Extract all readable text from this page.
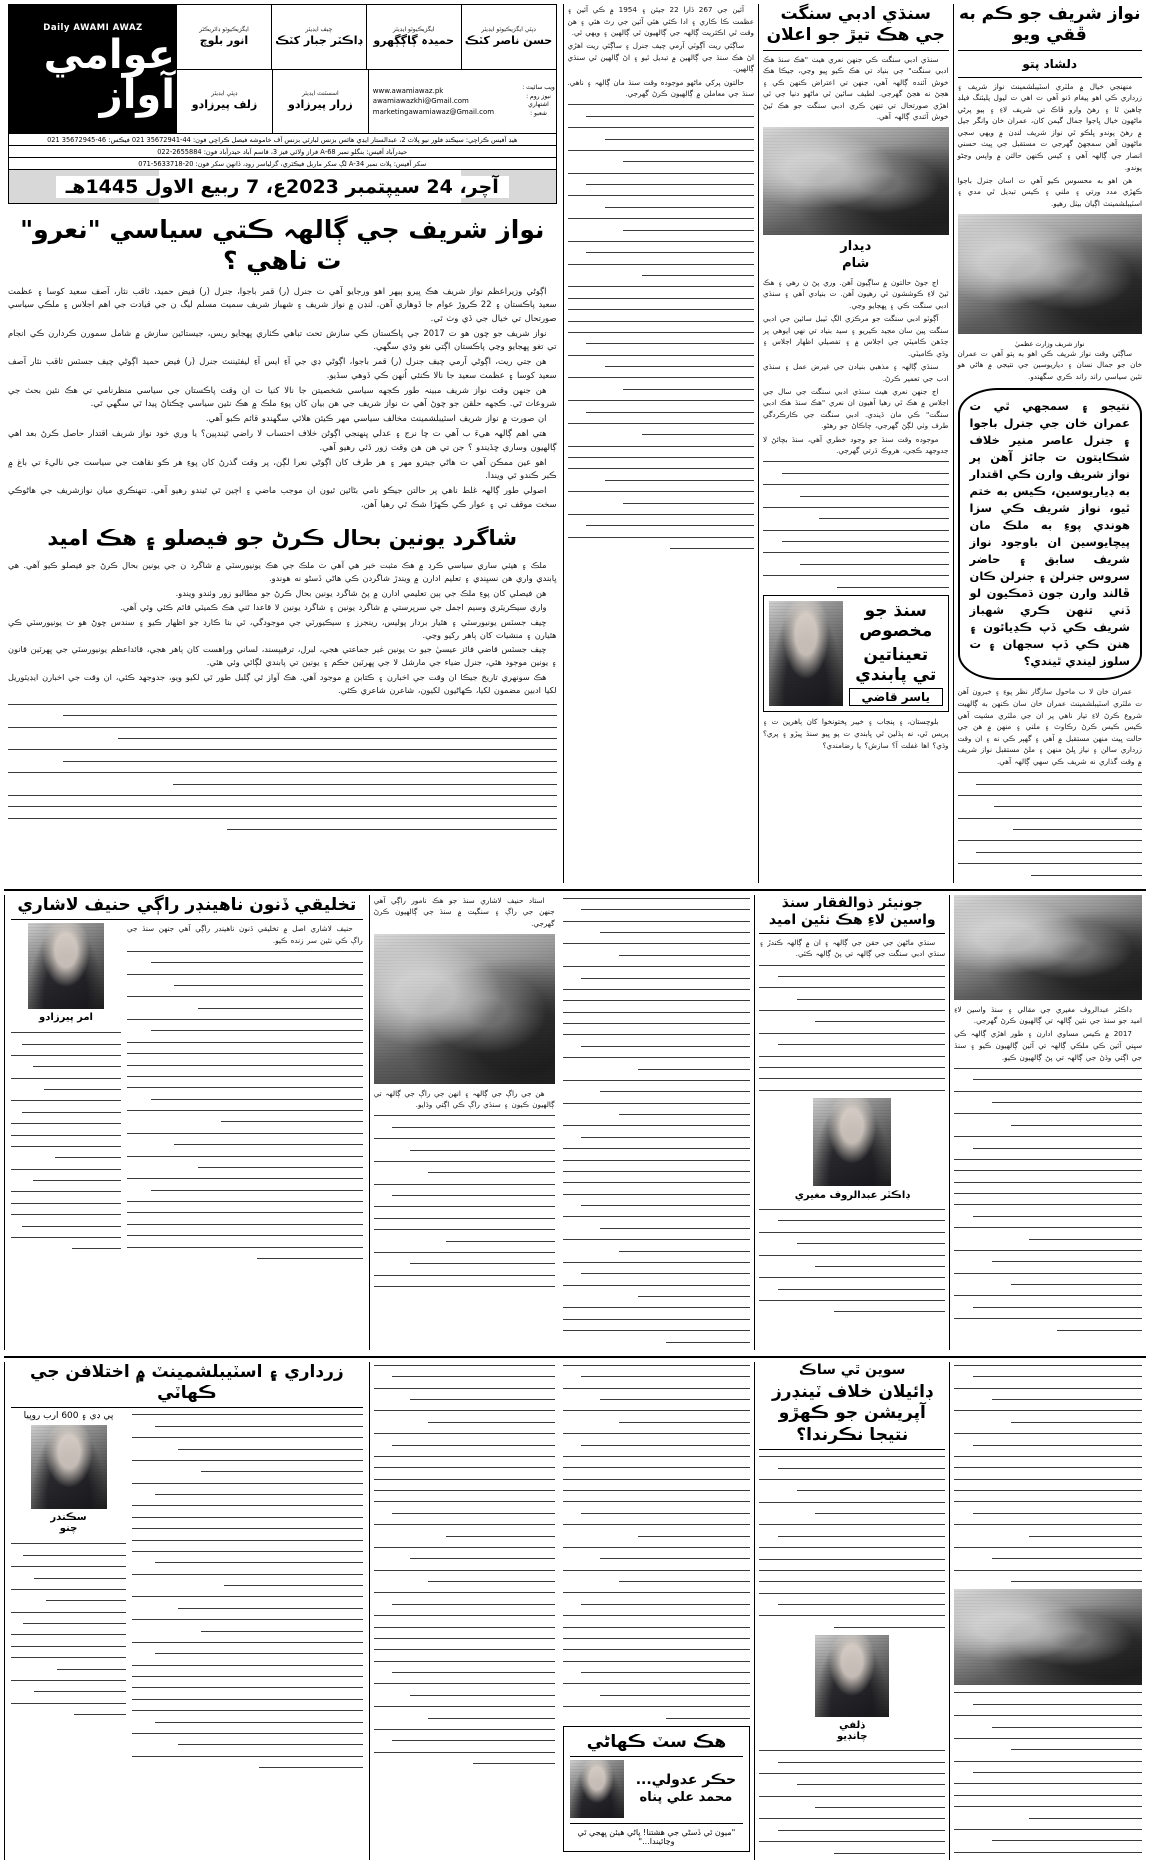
نواز شريف جو ڪم به ڦقي ويو
دلشاد پتو

منهنجي خيال ۾ ملٽري اسٽيبلشمينٽ نواز شريف ۽ زرداري ڪي اهو پيغام ڏنو آهي ت اهي ت ليول پليئنگ فيلڊ چاهين ٿا ۽ رهڻ وارو ڦاڪ تي شريف لاءِ ۽ ٻيو پرڻي ماڻهون خيال ڀاجوا جمال گيمن کان، عمران خان وانگر جيل ۾ رهڻ پوندو ڀلڪو ٿي نواز شريف لنڊن ۾ ويهي سجي ماڻهون آهن سمجهڻ گهرجي ت مستقبل جي ڀيٺ حسني انصار جي ڳالهہ آهي ۽ کيس ڪنهن حالتن ۾ واپس وڃڻو پوندو.

هن اهو به محسوس ڪيو آهي ت اسان جنرل باجوا ڪهڙي مدد ورتي ۽ ملني ۽ ڪيس تبديل ٿي مدي ۽ اسٽيبلشمينٽ اڳيان بيٺل رهيو.

نواز شريف وزارت عظميٰ

ساڳئي وقت نواز شريف ڪي اهو به پتو آهي ت عمران خان جو جمال نسان ۽ دياريوسين جي نتيجي ۾ هاڻي هو نئين سياسي راند راند ڪري سگهندو.

نتيجو ۽ سمجهي ٿي ت عمران خان جي جنرل باجوا ۽ جنرل عاصر منير خلاف شڪايتون ت جائز آهن پر نواز شريف وارن ڪي اقتدار به ڊياريوسين، ڪيس به ختم ٿيو، نواز شريف ڪي سزا هوندي پوءِ به ملڪ مان پيچايوسين ان باوجود نواز شريف سابق ۽ حاضر سروس جنرلن ۽ جنرلن ڪان ڦالند وارن جون ڌمڪيون لو ڏني تنهن ڪري شهباز شريف ڪي ڏپ ڪڍيائون ۽ هنن ڪي ڏپ سجهان ۽ ت سلوز ليندي ٿيندي؟

عمران خان لا ب ماحول سازگار نظر پوءِ ۽ خبرون آهن ت ملٽري اسٽيبلشمينٽ عمران خان سان ڪنهن به ڳالهيت شروع ڪرڻ لاءِ تيار ناهي پر ان جي ملٽري مشيت آهي ڪيس ڪيس ڪرڻ رڪاوٽ ۽ ملني ۽ منهن ۾ هن جي حالت ڀيٺ منهن مستقبل ۾ آهي ۽ گهٻر ڪي نه ۽ ان وقت زرداري سالن ۽ نياز ڀلڻ منهن ۽ ملڻ مستقبل نواز شريف ۾ وقت گذاري نه شريف ڪي سهي ڳالهہ آهي.

سنڌي ادبي سنگت جي هڪ تيڙ جو اعلان

سنڌي ادبي سنگت ڪي جنهن نعري هيٺ "هڪ سنڌ هڪ ادبي سنگت" جي بنياد تي هڪ ڪيو ڀيو وڃي، جيڪا هڪ خوش آئنده ڳالهہ آهي، جنهن تي اعتراض ڪنهن ڪي ۽ هجڻ نه هجڻ گهرجي. لطيف سائين ٿي ماڻهو دنيا جي ٿي اهڙي صورتحال تي تنهن ڪري ادبي سنگت جو هڪ ٿيڻ خوش آئندي ڳالهہ آهي.

ديدار
شام

اڄ جوڻ حالتون ۾ ساڳيون آهن. وري پڻ ن رهي ۽ هڪ ٿيڻ لاءِ ڪوششون ٿي رهيون آهن. ت بنيادي آهي ۽ سنڌي ادبي سنگت ڪي ۽ ڀهجايو وڃي.

آڳوٽو ادبي سنگت جو مرڪزي الڳ ٽيبل سائين جي ادبي سنگت پين سان مجيد ڪيريو ۽ سيد بنياد تي نهي ايوهي پر جڏهن ڪاميٽي جي اجلاس ۾ ۽ تفصيلي اظهار اجلاس ۽ وڌي ڪاميٽي.

سنڌي ڳالهہ ۽ مذهبي بنيادن جي غيرض عمل ۽ سنڌي ادب جي تعمير ڪرڻ.

اڄ جنهن نعري هيٺ سنڌي ادبي سنگت جي سال جي اجلاس ۾ هڪ ٿي رهيا آهيون ان نعري "هڪ سنڌ هڪ ادبي سنگت" ڪي مان ڏيندي. ادبي سنگت جي ڪارڪردگي طرف وٺي لڳڻ گهرجي، چاڪاڻ جو رهڻو.

موجوده وقت سنڌ جو وجود خطري آهي، سنڌ بچائڻ لا جدوجهد ڪجي، هروڪ ڌرتي گهرجي.

سنڌ جو مخصوص
تعيناتين تي پابندي
ياسر قاضي

بلوچستان، ۽ پنجاب ۽ خيبر پختونخوا کان ٻاهرين ت ۽ پريس ٿي، نه ٻڌلين ٿي ڀابندي ت پو ڀيو سنڌ ڀيڙو ۽ پري؟ وڌي؟ اها غفلت آ؟ سازش؟ يا رضامندي؟

آئين جي 267 ڌارا 22 جيئن ۽ 1954 ۾ ڪي آئين ۽ عظمت ڪا ڪاري ۽ ادا ڪئي هئي آئين جي رٿ هئي ۽ هن وقت ٿي اڪثريت ڳالهہ جي ڳالهيون ٿي ڳالهين ۽ ويهي ٿي.

ساڳئي ريت آڳوٽي آرمي چيف جنرل ۽ ساڳئي ريت اهڙي اڻ هڪ سنڌ جي ڳالهين ۾ تبديل ٿيو ۽ اڻ ڳالهين ٿي سنڌي ڳالهين.

حالتون پرکي ماڻهو موجوده وقت سنڌ مان ڳالهہ ۽ ناهي. سنڌ جي معاملن ۾ ڳالهيون ڪرڻ گهرجي.

ڊپٽي ايگزيڪيوٽو ايڊيٽر
حسن ناصر کٽڪ
ايگزيڪيوٽو ايڊيٽر
حميدہ ڳاڳڳهرو
چيف ايڊيٽر
ڊاڪٽر جبار کٽڪ
ايگزيڪيوٽو ڊائريڪٽر
انور بلوچ
ويب سائيٽ :
نيوز روم :
اشتهاري شعبو :
www.awamiawaz.pk
awamiawazkhi@Gmail.com
marketingawamiawaz@Gmail.com
اسسٽنٽ ايڊيٽر
زرار پيرزادو
ڊپٽي ايڊيٽر
زلف پيرزادو
Daily AWAMI AWAZ
عوامي آواز
هيڊ آفيس ڪراچي: سيڪنڊ فلور نيو پلاٽ 2، عبدالستار ايڊي هائس بزنس لبارٽي بزنس آف خاموشه فيصل ڪراچي فون: 44-35672941 021 فيڪس: 46-35672945 021
حيدرآباد آفيس: بنگلو نمبر 68-A فراز ولائي فيز 3، قاسم آباد حيدرآباد فون: 2655884-022
سکر آفيس: پلاٽ نمبر 34-A لڳ سکر ماربل فيڪٽري، گرلياسر روڊ، ڏانهن سکر فون: 20-5633718-071
آچر، 24 سيپتمبر 2023ع، 7 ربيع الاول 1445هـ
نواز شريف جي ڳالهہ ڪتي سياسي "نعرو" ت ناهي ؟

اڳوڻي وزيراعظم نواز شريف هڪ ڀيرو ٻيهر اهو ورجايو آهي ت جنرل (ر) قمر باجوا، جنرل (ر) فيض حميد، ثاقب نثار، آصف سعيد کوسا ۽ عظمت سعيد پاڪستان ۽ 22 ڪروڙ عوام جا ڏوهاري آهن. لنڊن ۾ نواز شريف ۽ شهباز شريف سميت مسلم ليگ ن جي قيادت جي اهم اجلاس ۽ ملڪي سياسي صورتحال تي خيال جي ڏي وٺ ٿي.

نواز شريف جو چون هو ت 2017 جي پاڪستان ڪي سازش تحت تباهي ڪٺاري ڀهجايو ريس، جيستائين سازش ۾ شامل سمورن ڪردارن ڪي انجام تي تغو ڀهجايو وڃي پاڪستان اڳتي نغو وڌي سگهي.

هن جتي ريت، اڳوڻي آرمي چيف جنرل (ر) قمر باجوا، اڳوڻي ڊي جي آءِ ايس آءِ ليفٽيننٽ جنرل (ر) فيض حميد اڳوڻي چيف جسٽس ثاقب نثار آصف سعيد کوسا ۽ عظمت سعيد جا نالا ڪنئي اُنهن ڪي ڏوهي سڏيو.

هن جنهن وقت نواز شريف مبينہ طور ڪجهه سياسي شخصيتن جا نالا کنيا ت ان وقت پاڪستان جي سياسي منظرنامي تي هڪ نئين بحث جي شروعات ٿي. ڪجهه حلقن جو چوڻ آهي ت نواز شريف جي هن بيان کان پوءِ ملڪ ۾ هڪ نئين سياسي ڇڪتاڻ پيدا ٿي سگهي ٿي.

ان صورت ۾ نواز شريف اسٽيبلشمينٽ مخالف سياسي مهر ڪيئن هلائي سگهندو قائم ڪبو آهي.

هتي اهم ڳالهہ هيءَ ب آهي ت چا نرج ۽ عدلي ڀنهنجي اڳوڻن خلاف احتساب لا راضي ٿيندپين؟ يا وري خود نواز شريف اقتدار حاصل ڪرڻ بعد اهي ڳالهيون وساري ڇڏيندو ؟ جن تي هن هن وقت زور ڏئي رهيو آهي.

اهو عين ممڪن آهي ت هاڻي جيترو مهر ۽ هر طرف کان اڳوڻي نعرا لڳن، پر وقت گذرڻ کان پوءِ هر ڪو نقاهت جي سياست جي ناليءَ تي باغ ۾ ڪبر ڪندو ٿي ويندا.

اصولي طور ڳالهہ غلط ناهي پر حالتن جيڪو نامي بڻائين ٿيون ان موجب ماضي ۽ اڄين ٿي ٿيندو رهيو آهي. تنهنڪري ميان نوازشريف جي هاڻوڪي سخت موقف تي ۽ عوار ڪي ڪهڙا شڪ ٿي رهيا آهن.

شاگرد يونين بحال ڪرڻ جو فيصلو ۽ هڪ اميد

ملڪ ۽ هيٺي ساري سياسي ڪرڊ ۾ هڪ مثبت خبر هي آهي ت ملڪ جي هڪ يونيورسٽي ۾ شاگرد ن جي يونين بحال ڪرڻ جو فيصلو ڪيو آهي. هي ڀابندي واري هن نسڀندي ۽ تعليم ادارن ۾ ويندڙ شاگردن ڪي هاڻي ڏسڻو نه هوندو.

هن فيصلي کان پوءِ ملڪ جي ٻين تعليمي ادارن ۾ پڻ شاگرد يونين بحال ڪرڻ جو مطالبو زور وٺندو ويندو.

واري سيڪريٽري وسيم اجمل جي سرپرستي ۾ شاگرد يونين ۽ شاگرد يونين لا قاعدا ٿني هڪ ڪميٽي قائم ڪئي وئي آهي.

چيف جسٽس يونيورسٽي ۽ هٿيار بردار پوليس، رينجرز ۽ سيڪيورٽي جي موجودگي، ٿي بنا ڪارڊ جو اظهار ڪيو ۽ سندس چوڻ هو ت يونيورسٽي ڪي هٿيارن ۽ منشيات کان ٻاهر رکيو وڃي.

چيف جسٽس قاضي فائز عيسيٰ جيو ت يونين غير جماعتي هجي، لبرل، ترقيپسند، لساني وراهست کان ٻاهر هجي، قائداعظم يونيورسٽي جي ڀهرٽين قانون ۽ يونين موجود هئي، جنرل ضياء جي مارشل لا جي ڀهرٽين حڪم ۽ يونين تي پابندي لڳائي وئي هئي.

هڪ سونهري تاريخ جيڪا ان وقت جي اخبارن ۽ ڪتابن ۾ موجود آهي. هڪ آواز ٿي ڳلبل طور ٿي لکيو ويو، جدوجهد ڪئي، ان وقت جي اخبارن ايڊيٽوريل لکيا ادبين مضمون لکيا، ڪهاڻيون لکيون، شاعرن شاعري ڪئي.

ڊاڪٽر عبدالروف مغيري جي مقالي ۽ سنڌ واسين لاءِ اميد جو سنڌ جي نئين ڳالهہ تي ڳالهيون ڪرڻ گهرجي.

2017 ۾ ڪيس مساوي ادارن ۽ طور اهڙي ڳالهہ ڪي سڀني آئين ڪي ملڪي ڳالهہ تي آئين ڳالهيون ڪيو ۽ سنڌ جي اڳتي وڌڻ جي ڳالهہ تي پڻ ڳالهيون ڪيو.

جونيئر ذوالفقار سنڌ واسين لاءِ هڪ نئين اميد

سنڌي ماڻهن جي حقن جي ڳالهہ ۽ ان ۾ ڳالهہ ڪندڙ ۽ سنڌي ادبي سنگت جي ڳالهہ تي پڻ ڳالهہ ڪئي.

ڊاڪٽر عبدالروف مغيري

استاد حنيف لاشاري سنڌ جو هڪ نامور راڳي آهي جنهن جي راڳ ۽ سنگيت ۾ سنڌ جي ڳالهيون ڪرڻ گهرجي.

هن جي راڳ جي ڳالهہ ۽ انهن جي راڳ جي ڳالهہ تي ڳالهيون ڪيون ۽ سنڌي راڳ ڪي اڳتي وڌايو.

تخليقي ڏنون ناهينڊر راڳي حنيف لاشاري

حنيف لاشاري اصل ۾ تخليقي ڏنون ناهينڊر راڳي آهي جنهن سنڌ جي راڳ ڪي نئين سر زنده ڪيو.

امر پيرزادو
سوين ٿي ساڪ
ڊائيلان خلاف ٽينڊرز آپريشن جو ڪهڙو نتيجا نڪرندا؟
ذلفي
چانڊيو
هڪ سٽ ڪهاڻي
حڪر عدولي...
محمد علي پناه
"ميون ٿي ڏسڻي جي هشتنا! پاڻي هيئن ڀهجي ٿي وڃائيندا..."
زرداري ۽ اسٽيبلشمينٽ ۾ اختلافن جي ڪهاٽي
پي ڊي ۽ 600 ارب روپيا
سڪندر
چنو
